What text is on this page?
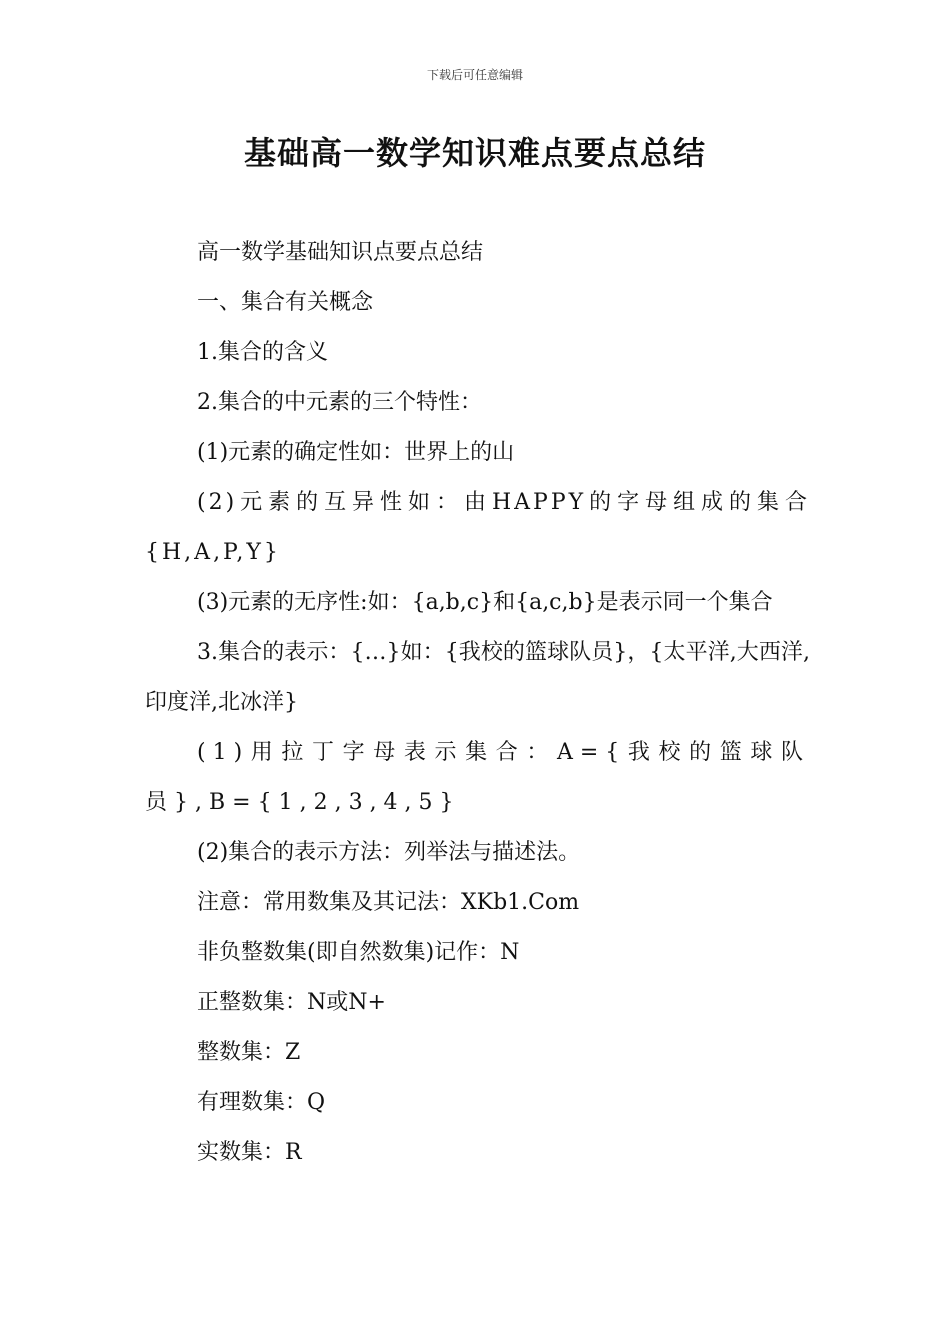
下载后可任意编辑
基础高一数学知识难点要点总结

高一数学基础知识点要点总结

一、集合有关概念

1.集合的含义

2.集合的中元素的三个特性：

(1)元素的确定性如：世界上的山

(2)元素的互异性如：由HAPPY的字母组成的集合{H,A,P,Y}

(3)元素的无序性:如：{a,b,c}和{a,c,b}是表示同一个集合

3.集合的表示：{…}如：{我校的篮球队员}，{太平洋,大西洋,印度洋,北冰洋}

(1)用拉丁字母表示集合：A={我校的篮球队员},B={1,2,3,4,5}

(2)集合的表示方法：列举法与描述法。

注意：常用数集及其记法：XKb1.Com

非负整数集(即自然数集)记作：N

正整数集：N或N+

整数集：Z

有理数集：Q

实数集：R
